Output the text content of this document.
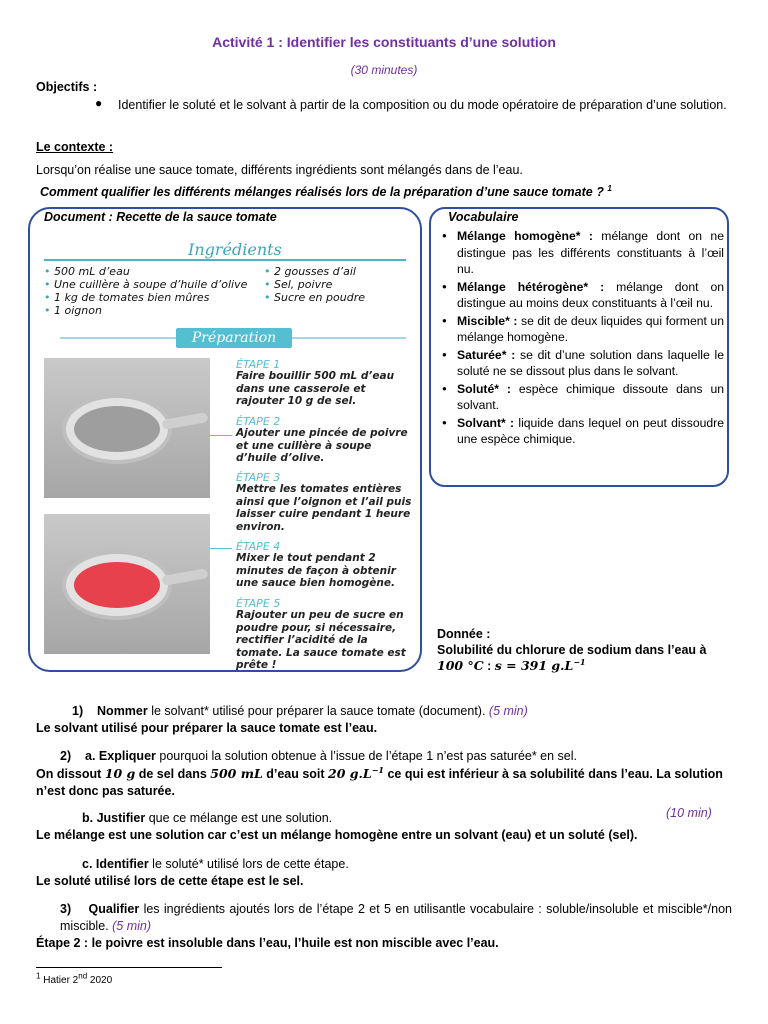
Activité 1 : Identifier les constituants d’une solution
(30 minutes)
Objectifs :
● Identifier le soluté et le solvant à partir de la composition ou du mode opératoire de préparation d’une solution.
Le contexte :
Lorsqu’on réalise une sauce tomate, différents ingrédients sont mélangés dans de l’eau.
Comment qualifier les différents mélanges réalisés lors de la préparation d’une sauce tomate ? $^1$
Document : Recette de la sauce tomate
Ingrédients
• 500 mL d’eau
• Une cuillère à soupe d’huile d’olive
• 1 kg de tomates bien mûres
• 1 oignon
• 2 gousses d’ail
• Sel, poivre
• Sucre en poudre
Préparation
ÉTAPE 1
Faire bouillir 500 mL d’eau dans une casserole et rajouter 10 g de sel.
ÉTAPE 2
Ajouter une pincée de poivre et une cuillère à soupe d’huile d’olive.
ÉTAPE 3
Mettre les tomates entières ainsi que l’oignon et l’ail puis laisser cuire pendant 1 heure environ.
ÉTAPE 4
Mixer le tout pendant 2 minutes de façon à obtenir une sauce bien homogène.
ÉTAPE 5
Rajouter un peu de sucre en poudre pour, si nécessaire, rectifier l’acidité de la tomate. La sauce tomate est prête !
Vocabulaire
● Mélange homogène* : mélange dont on ne distingue pas les différents constituants à l’œil nu.
● Mélange hétérogène* : mélange dont on distingue au moins deux constituants à l’œil nu.
● Miscible* : se dit de deux liquides qui forment un mélange homogène.
● Saturée* : se dit d’une solution dans laquelle le soluté ne se dissout plus dans le solvant.
● Soluté* : espèce chimique dissoute dans un solvant.
● Solvant* : liquide dans lequel on peut dissoudre une espèce chimique.
Donnée :
Solubilité du chlorure de sodium dans l’eau à
100 °C : s = 391 $g.L^{-1}$
1) Nommer le solvant* utilisé pour préparer la sauce tomate (document). (5 min)
Le solvant utilisé pour préparer la sauce tomate est l’eau.
2) a. Expliquer pourquoi la solution obtenue à l’issue de l’étape 1 n’est pas saturée* en sel.
On dissout 10 g de sel dans 500 mL d’eau soit 20 $g.L^{-1}$ ce qui est inférieur à sa solubilité dans l’eau. La solution n’est donc pas saturée.
(10 min)
b. Justifier que ce mélange est une solution.
Le mélange est une solution car c’est un mélange homogène entre un solvant (eau) et un soluté (sel).
c. Identifier le soluté* utilisé lors de cette étape.
Le soluté utilisé lors de cette étape est le sel.
3) Qualifier les ingrédients ajoutés lors de l’étape 2 et 5 en utilisantle vocabulaire : soluble/insoluble et miscible*/non miscible. (5 min)
Étape 2 : le poivre est insoluble dans l’eau, l’huile est non miscible avec l’eau.
$^1$ Hatier 2nd 2020
